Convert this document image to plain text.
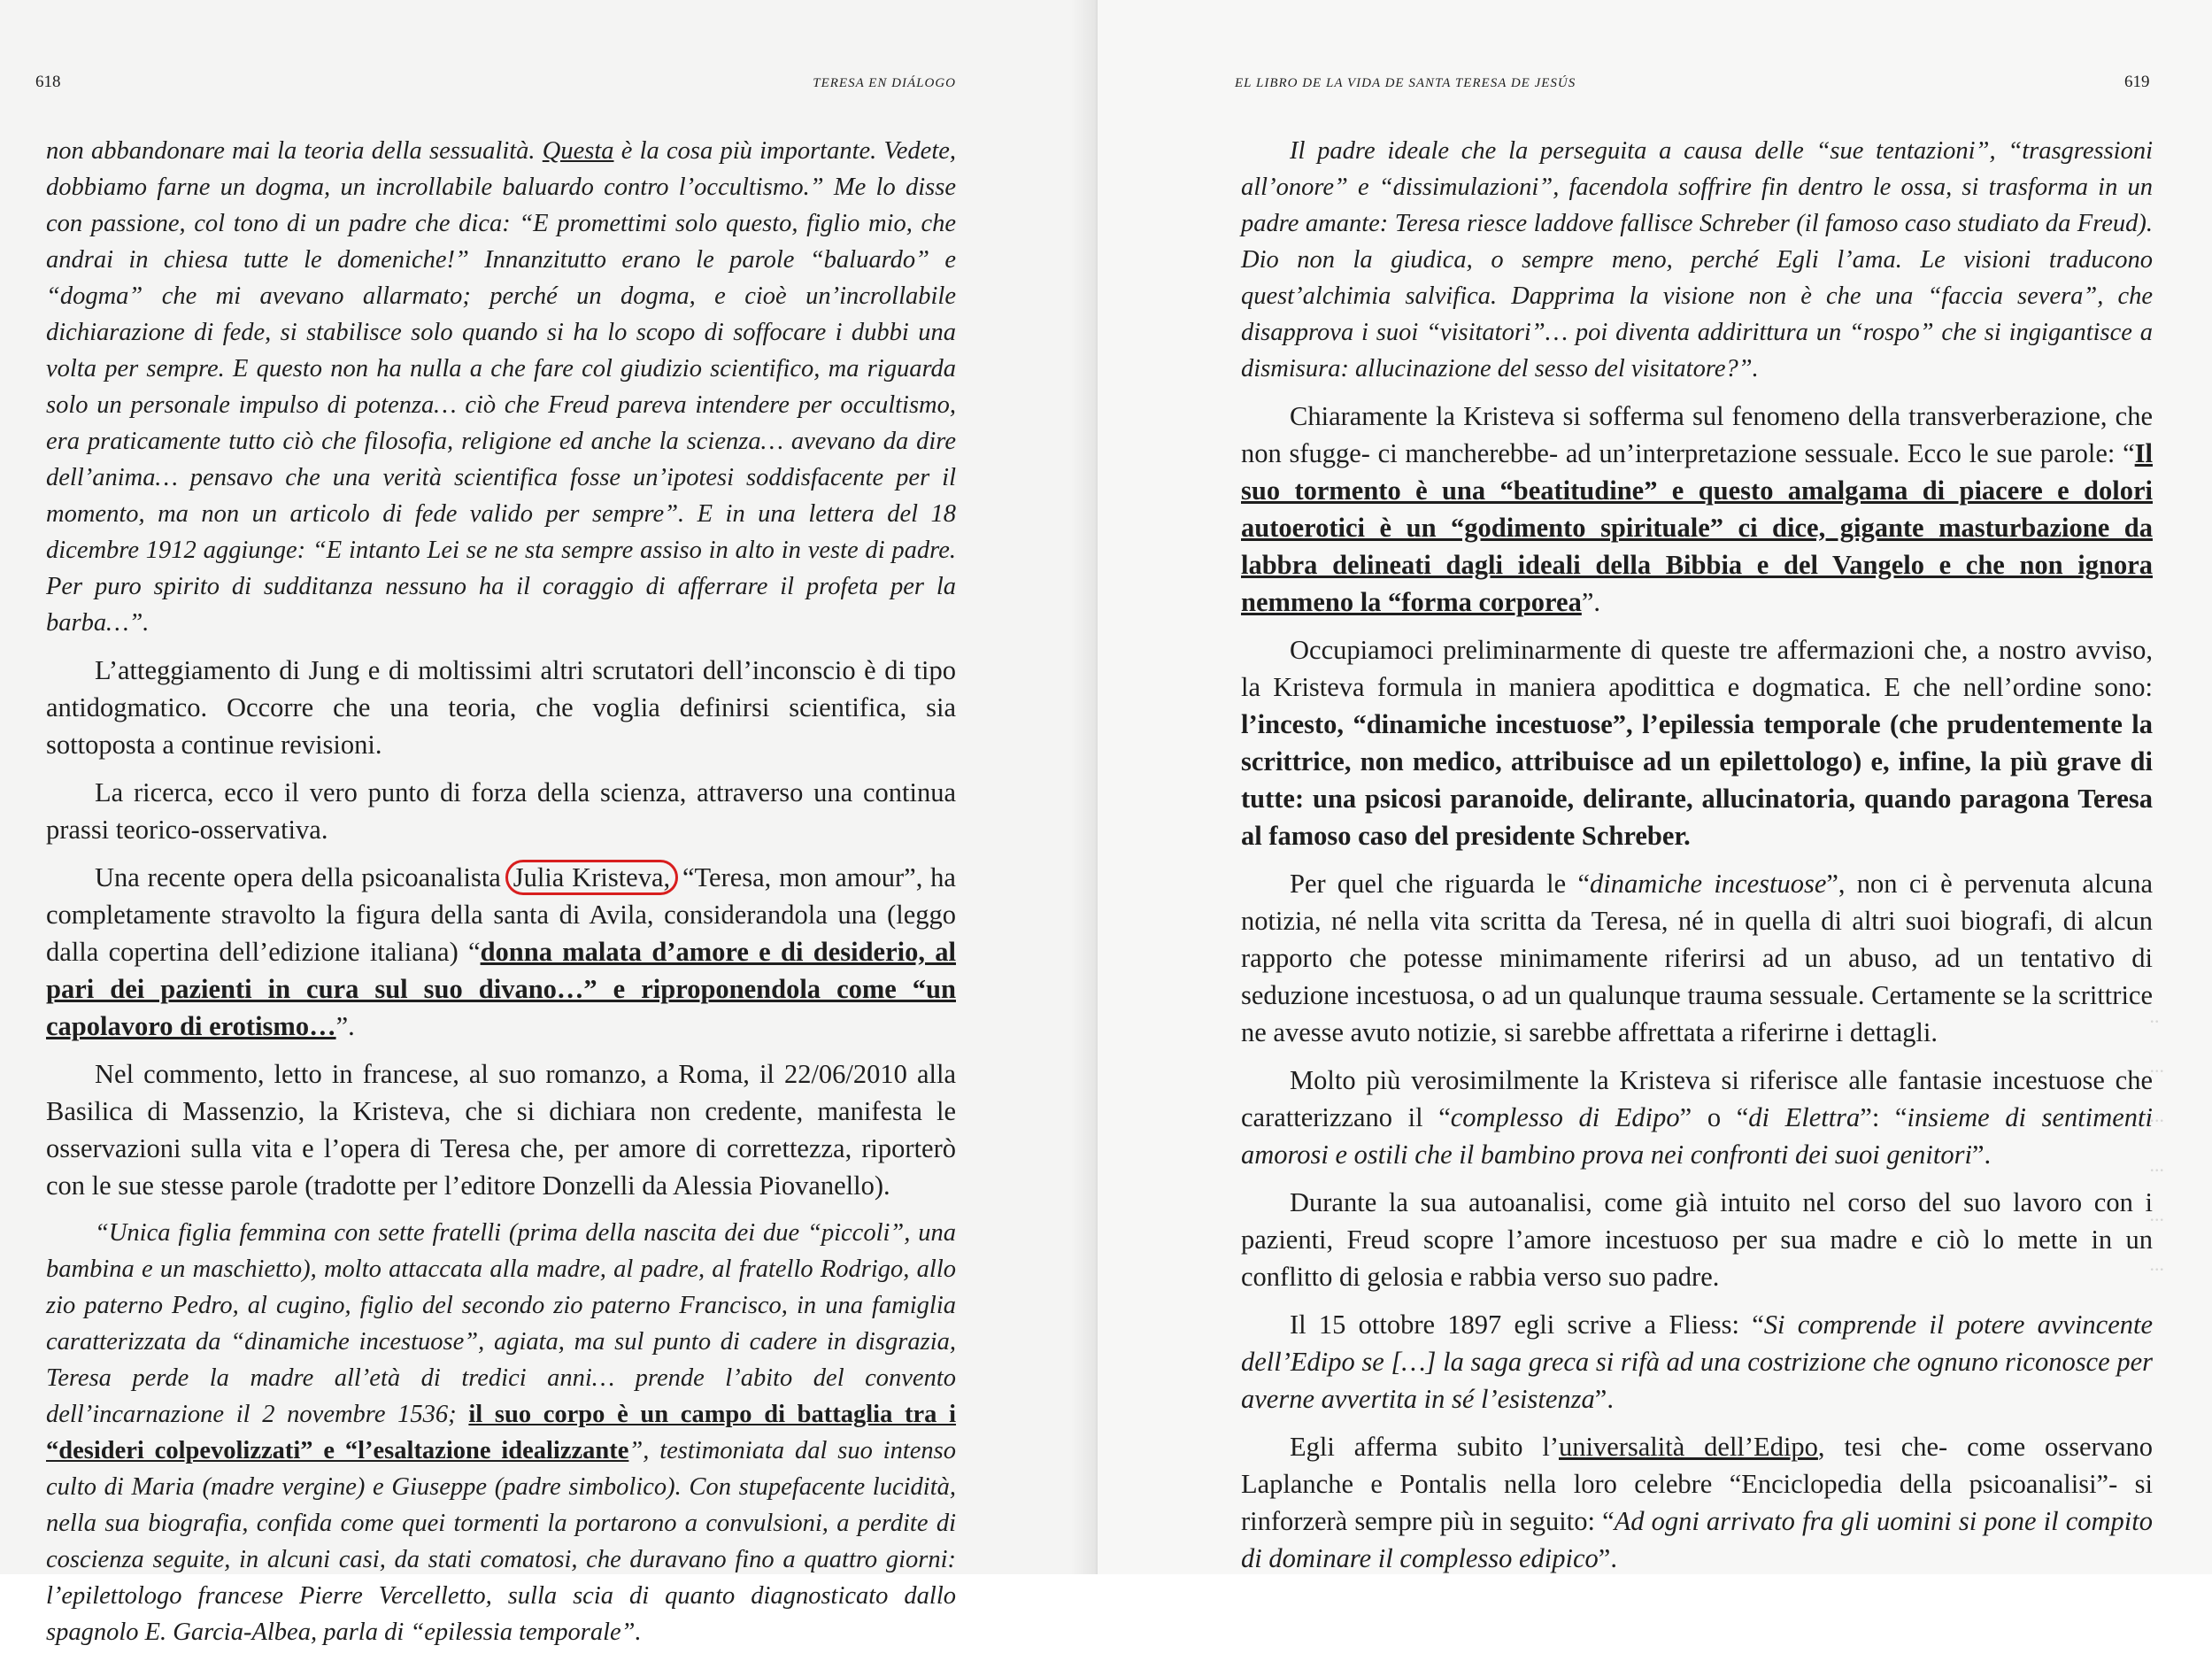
618	TERESA EN DIÁLOGO

non abbandonare mai la teoria della sessualità. Questa è la cosa più importante. Vedete, dobbiamo farne un dogma, un incrollabile baluardo contro l’occultismo.” Me lo disse con passione, col tono di un padre che dica: “E promettimi solo questo, figlio mio, che andrai in chiesa tutte le domeniche!” Innanzitutto erano le parole “baluardo” e “dogma” che mi avevano allarmato; perché un dogma, e cioè un’incrollabile dichiarazione di fede, si stabilisce solo quando si ha lo scopo di soffocare i dubbi una volta per sempre. E questo non ha nulla a che fare col giudizio scientifico, ma riguarda solo un personale impulso di potenza… ciò che Freud pareva intendere per occultismo, era praticamente tutto ciò che filosofia, religione ed anche la scienza… avevano da dire dell’anima… pensavo che una verità scientifica fosse un’ipotesi soddisfacente per il momento, ma non un articolo di fede valido per sempre”. E in una lettera del 18 dicembre 1912 aggiunge: “E intanto Lei se ne sta sempre assiso in alto in veste di padre. Per puro spirito di sudditanza nessuno ha il coraggio di afferrare il profeta per la barba…”.

L’atteggiamento di Jung e di moltissimi altri scrutatori dell’inconscio è di tipo antidogmatico. Occorre che una teoria, che voglia definirsi scientifica, sia sottoposta a continue revisioni.

La ricerca, ecco il vero punto di forza della scienza, attraverso una continua prassi teorico-osservativa.

Una recente opera della psicoanalista Julia Kristeva, “Teresa, mon amour”, ha completamente stravolto la figura della santa di Avila, considerandola una (leggo dalla copertina dell’edizione italiana) “donna malata d’amore e di desiderio, al pari dei pazienti in cura sul suo divano…” e riproponendola come “un capolavoro di erotismo…”.

Nel commento, letto in francese, al suo romanzo, a Roma, il 22/06/2010 alla Basilica di Massenzio, la Kristeva, che si dichiara non credente, manifesta le osservazioni sulla vita e l’opera di Teresa che, per amore di correttezza, riporterò con le sue stesse parole (tradotte per l’editore Donzelli da Alessia Piovanello).

“Unica figlia femmina con sette fratelli (prima della nascita dei due “piccoli”, una bambina e un maschietto), molto attaccata alla madre, al padre, al fratello Rodrigo, allo zio paterno Pedro, al cugino, figlio del secondo zio paterno Francisco, in una famiglia caratterizzata da “dinamiche incestuose”, agiata, ma sul punto di cadere in disgrazia, Teresa perde la madre all’età di tredici anni… prende l’abito del convento dell’incarnazione il 2 novembre 1536; il suo corpo è un campo di battaglia tra i “desideri colpevolizzati” e “l’esaltazione idealizzante”, testimoniata dal suo intenso culto di Maria (madre vergine) e Giuseppe (padre simbolico). Con stupefacente lucidità, nella sua biografia, confida come quei tormenti la portarono a convulsioni, a perdite di coscienza seguite, in alcuni casi, da stati comatosi, che duravano fino a quattro giorni: l’epilettologo francese Pierre Vercelletto, sulla scia di quanto diagnosticato dallo spagnolo E. Garcia-Albea, parla di “epilessia temporale”.

EL LIBRO DE LA VIDA DE SANTA TERESA DE JESÚS	619

Il padre ideale che la perseguita a causa delle “sue tentazioni”, “trasgressioni all’onore” e “dissimulazioni”, facendola soffrire fin dentro le ossa, si trasforma in un padre amante: Teresa riesce laddove fallisce Schreber (il famoso caso studiato da Freud). Dio non la giudica, o sempre meno, perché Egli l’ama. Le visioni traducono quest’alchimia salvifica. Dapprima la visione non è che una “faccia severa”, che disapprova i suoi “visitatori”… poi diventa addirittura un “rospo” che si ingigantisce a dismisura: allucinazione del sesso del visitatore?”.

Chiaramente la Kristeva si sofferma sul fenomeno della transverberazione, che non sfugge- ci mancherebbe- ad un’interpretazione sessuale. Ecco le sue parole: “Il suo tormento è una “beatitudine” e questo amalgama di piacere e dolori autoerotici è un “godimento spirituale” ci dice, gigante masturbazione da labbra delineati dagli ideali della Bibbia e del Vangelo e che non ignora nemmeno la “forma corporea”.

Occupiamoci preliminarmente di queste tre affermazioni che, a nostro avviso, la Kristeva formula in maniera apodittica e dogmatica. E che nell’ordine sono: l’incesto, “dinamiche incestuose”, l’epilessia temporale (che prudentemente la scrittrice, non medico, attribuisce ad un epilettologo) e, infine, la più grave di tutte: una psicosi paranoide, delirante, allucinatoria, quando paragona Teresa al famoso caso del presidente Schreber.

Per quel che riguarda le “dinamiche incestuose”, non ci è pervenuta alcuna notizia, né nella vita scritta da Teresa, né in quella di altri suoi biografi, di alcun rapporto che potesse minimamente riferirsi ad un abuso, ad un tentativo di seduzione incestuosa, o ad un qualunque trauma sessuale. Certamente se la scrittrice ne avesse avuto notizie, si sarebbe affrettata a riferirne i dettagli.

Molto più verosimilmente la Kristeva si riferisce alle fantasie incestuose che caratterizzano il “complesso di Edipo” o “di Elettra”: “insieme di sentimenti amorosi e ostili che il bambino prova nei confronti dei suoi genitori”.

Durante la sua autoanalisi, come già intuito nel corso del suo lavoro con i pazienti, Freud scopre l’amore incestuoso per sua madre e ciò lo mette in un conflitto di gelosia e rabbia verso suo padre.

Il 15 ottobre 1897 egli scrive a Fliess: “Si comprende il potere avvincente dell’Edipo se […] la saga greca si rifà ad una costrizione che ognuno riconosce per averne avvertita in sé l’esistenza”.

Egli afferma subito l’universalità dell’Edipo, tesi che- come osservano Laplanche e Pontalis nella loro celebre “Enciclopedia della psicoanalisi”- si rinforzerà sempre più in seguito: “Ad ogni arrivato fra gli uomini si pone il compito di dominare il complesso edipico”.

..
...
...
...
...
...
